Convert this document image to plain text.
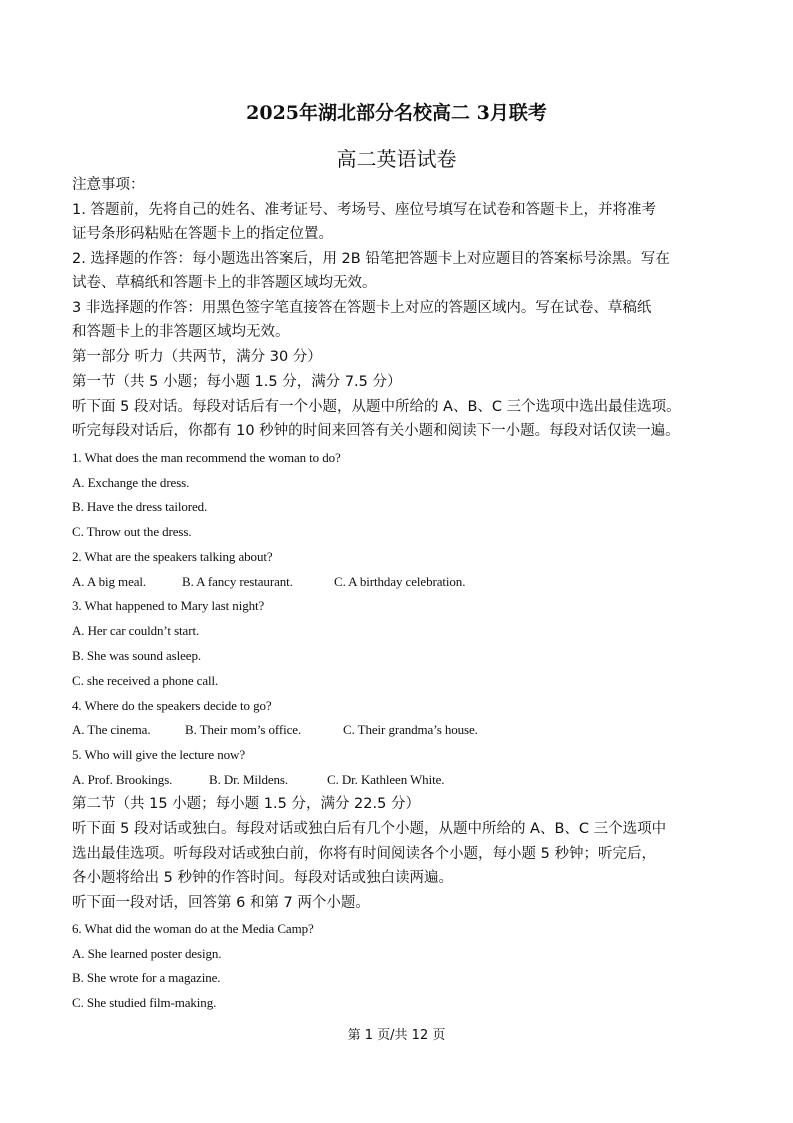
2025年湖北部分名校高二 3月联考
高二英语试卷
注意事项：
1. 答题前，先将自己的姓名、准考证号、考场号、座位号填写在试卷和答题卡上，并将准考
证号条形码粘贴在答题卡上的指定位置。
2. 选择题的作答：每小题选出答案后，用 2B 铅笔把答题卡上对应题目的答案标号涂黑。写在
试卷、草稿纸和答题卡上的非答题区域均无效。
3 非选择题的作答：用黑色签字笔直接答在答题卡上对应的答题区域内。写在试卷、草稿纸
和答题卡上的非答题区域均无效。
第一部分 听力（共两节，满分 30 分）
第一节（共 5 小题；每小题 1.5 分，满分 7.5 分）
听下面 5 段对话。每段对话后有一个小题，从题中所给的 A、B、C 三个选项中选出最佳选项。
听完每段对话后，你都有 10 秒钟的时间来回答有关小题和阅读下一小题。每段对话仅读一遍。
1. What does the man recommend the woman to do?
A. Exchange the dress.
B. Have the dress tailored.
C. Throw out the dress.
2. What are the speakers talking about?
A. A big meal.	B. A fancy restaurant.	C. A birthday celebration.
3. What happened to Mary last night?
A. Her car couldn’t start.
B. She was sound asleep.
C. she received a phone call.
4. Where do the speakers decide to go?
A. The cinema.	B. Their mom’s office.	C. Their grandma’s house.
5. Who will give the lecture now?
A. Prof. Brookings.	B. Dr. Mildens.	C. Dr. Kathleen White.
第二节（共 15 小题；每小题 1.5 分，满分 22.5 分）
听下面 5 段对话或独白。每段对话或独白后有几个小题，从题中所给的 A、B、C 三个选项中
选出最佳选项。听每段对话或独白前，你将有时间阅读各个小题，每小题 5 秒钟；听完后，
各小题将给出 5 秒钟的作答时间。每段对话或独白读两遍。
听下面一段对话，回答第 6 和第 7 两个小题。
6. What did the woman do at the Media Camp?
A. She learned poster design.
B. She wrote for a magazine.
C. She studied film-making.
第 1 页/共 12 页
